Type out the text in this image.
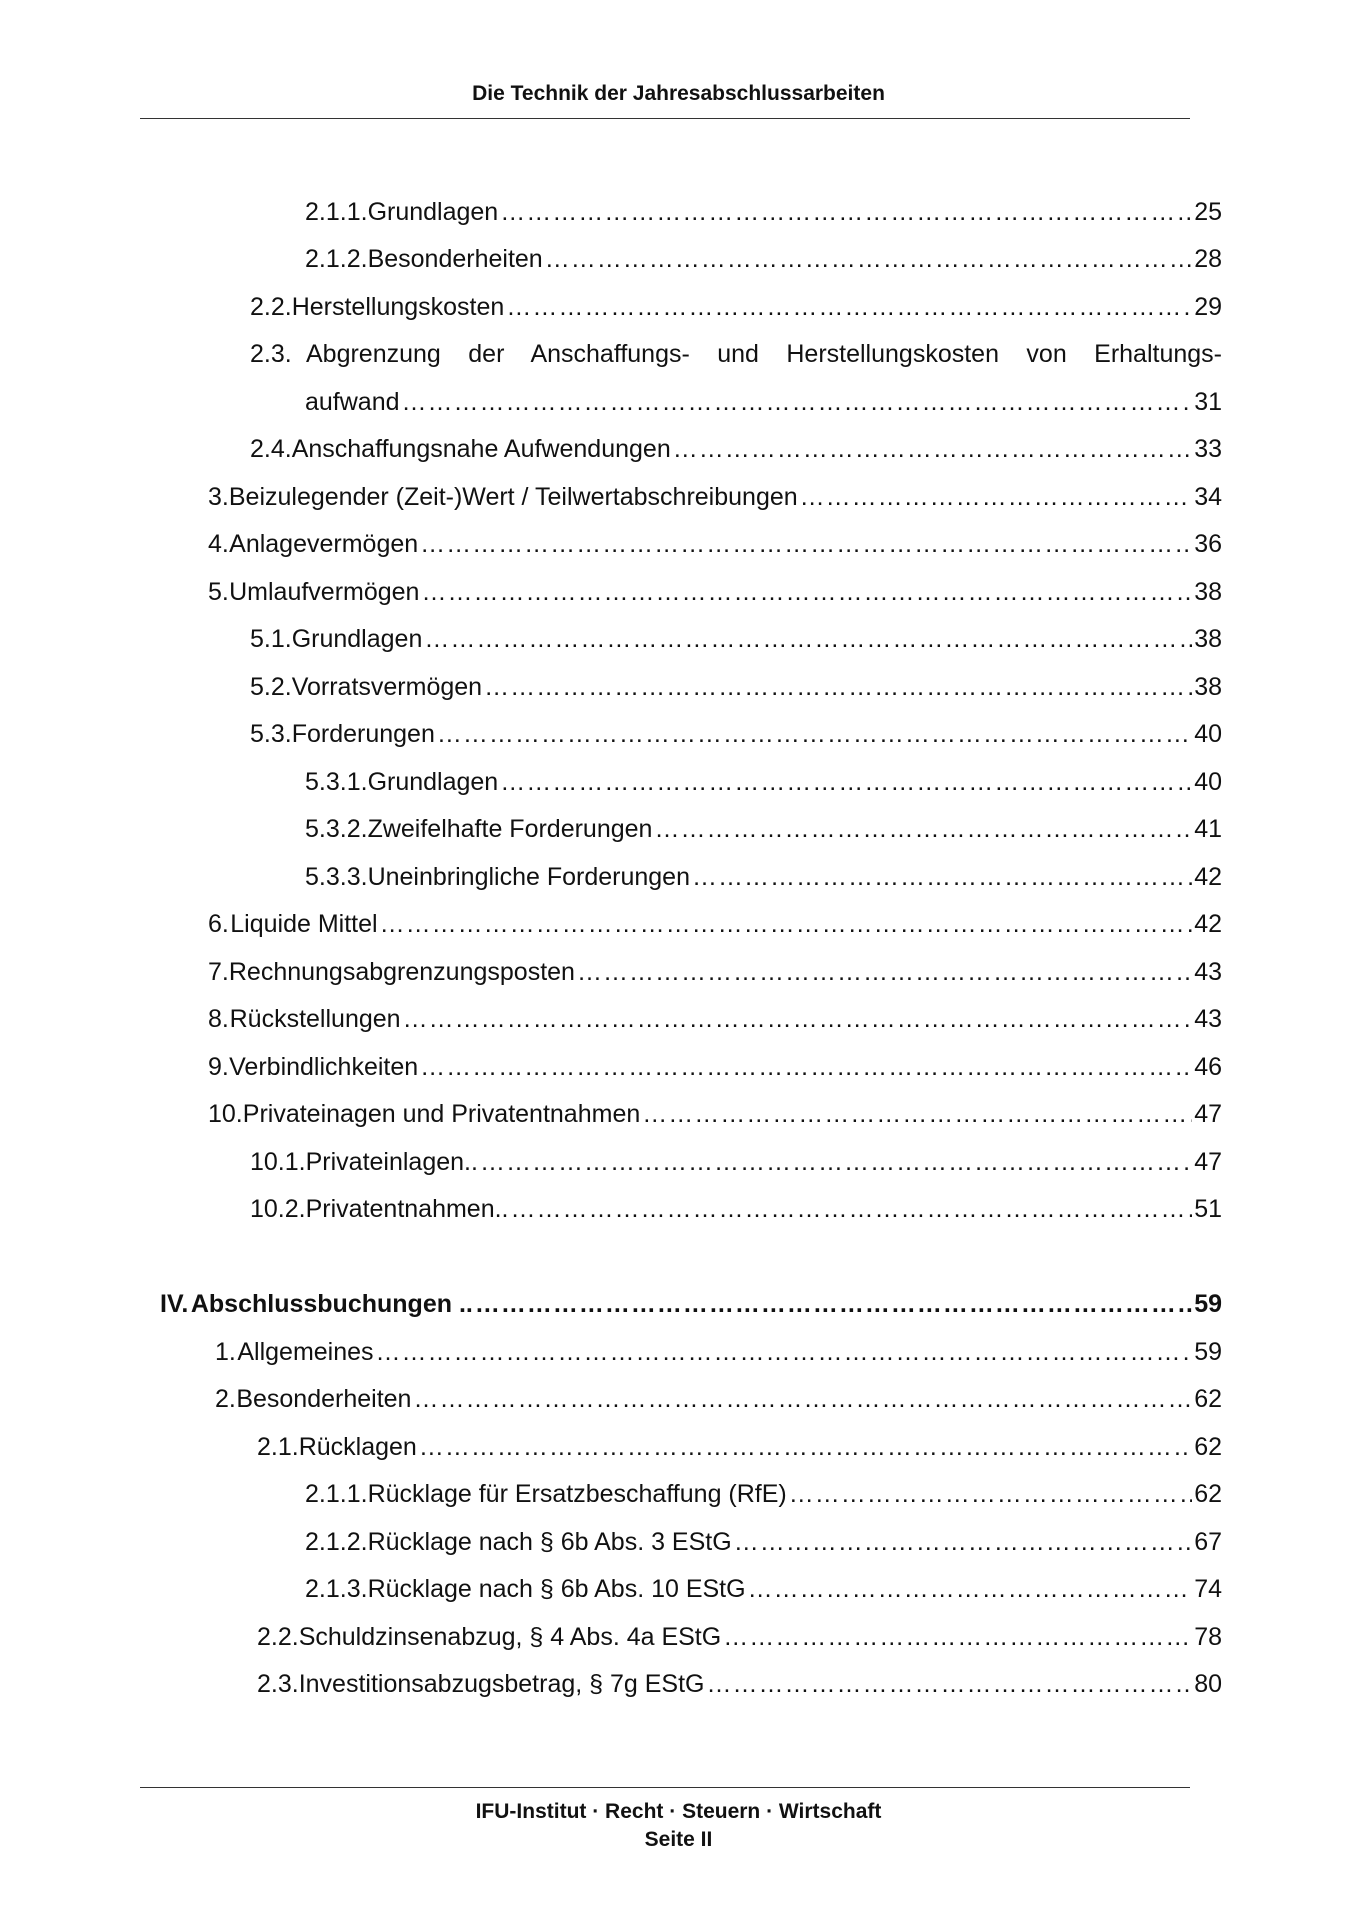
Die Technik der Jahresabschlussarbeiten
2.1.1. Grundlagen ……………………………………………………………………………………………………………………………………………………………	25
2.1.2. Besonderheiten ……………………………………………………………………………………………………………………………………………………………	28
2.2. Herstellungskosten ……………………………………………………………………………………………………………………………………………………………	29
2.3. Abgrenzung der Anschaffungs- und Herstellungskosten von Erhaltungs-
aufwand ……………………………………………………………………………………………………………………………………………………………	31
2.4. Anschaffungsnahe Aufwendungen ……………………………………………………………………………………………………………………………………………………………	33
3. Beizulegender (Zeit-)Wert / Teilwertabschreibungen ……………………………………………………………………………………………………………………………………………………………	34
4. Anlagevermögen ……………………………………………………………………………………………………………………………………………………………	36
5. Umlaufvermögen ……………………………………………………………………………………………………………………………………………………………	38
5.1. Grundlagen ……………………………………………………………………………………………………………………………………………………………	38
5.2. Vorratsvermögen ……………………………………………………………………………………………………………………………………………………………	38
5.3. Forderungen ……………………………………………………………………………………………………………………………………………………………	40
5.3.1. Grundlagen ……………………………………………………………………………………………………………………………………………………………	40
5.3.2. Zweifelhafte Forderungen ……………………………………………………………………………………………………………………………………………………………	41
5.3.3. Uneinbringliche Forderungen ……………………………………………………………………………………………………………………………………………………………	42
6. Liquide Mittel ……………………………………………………………………………………………………………………………………………………………	42
7. Rechnungsabgrenzungsposten ……………………………………………………………………………………………………………………………………………………………	43
8. Rückstellungen ……………………………………………………………………………………………………………………………………………………………	43
9. Verbindlichkeiten ……………………………………………………………………………………………………………………………………………………………	46
10. Privateinagen und Privatentnahmen ……………………………………………………………………………………………………………………………………………………………	47
10.1. Privateinlagen.. ……………………………………………………………………………………………………………………………………………………………	47
10.2. Privatentnahmen.. ……………………………………………………………………………………………………………………………………………………………	51
IV. Abschlussbuchungen .. ……………………………………………………………………………………………………………………………………………………………	59
1. Allgemeines ……………………………………………………………………………………………………………………………………………………………	59
2. Besonderheiten ……………………………………………………………………………………………………………………………………………………………	62
2.1. Rücklagen ……………………………………………………………………………………………………………………………………………………………	62
2.1.1. Rücklage für Ersatzbeschaffung (RfE) ……………………………………………………………………………………………………………………………………………………………	62
2.1.2. Rücklage nach § 6b Abs. 3 EStG ……………………………………………………………………………………………………………………………………………………………	67
2.1.3. Rücklage nach § 6b Abs. 10 EStG ……………………………………………………………………………………………………………………………………………………………	74
2.2. Schuldzinsenabzug, § 4 Abs. 4a EStG ……………………………………………………………………………………………………………………………………………………………	78
2.3. Investitionsabzugsbetrag, § 7g EStG ……………………………………………………………………………………………………………………………………………………………	80
IFU-Institut · Recht · Steuern · Wirtschaft
Seite II
